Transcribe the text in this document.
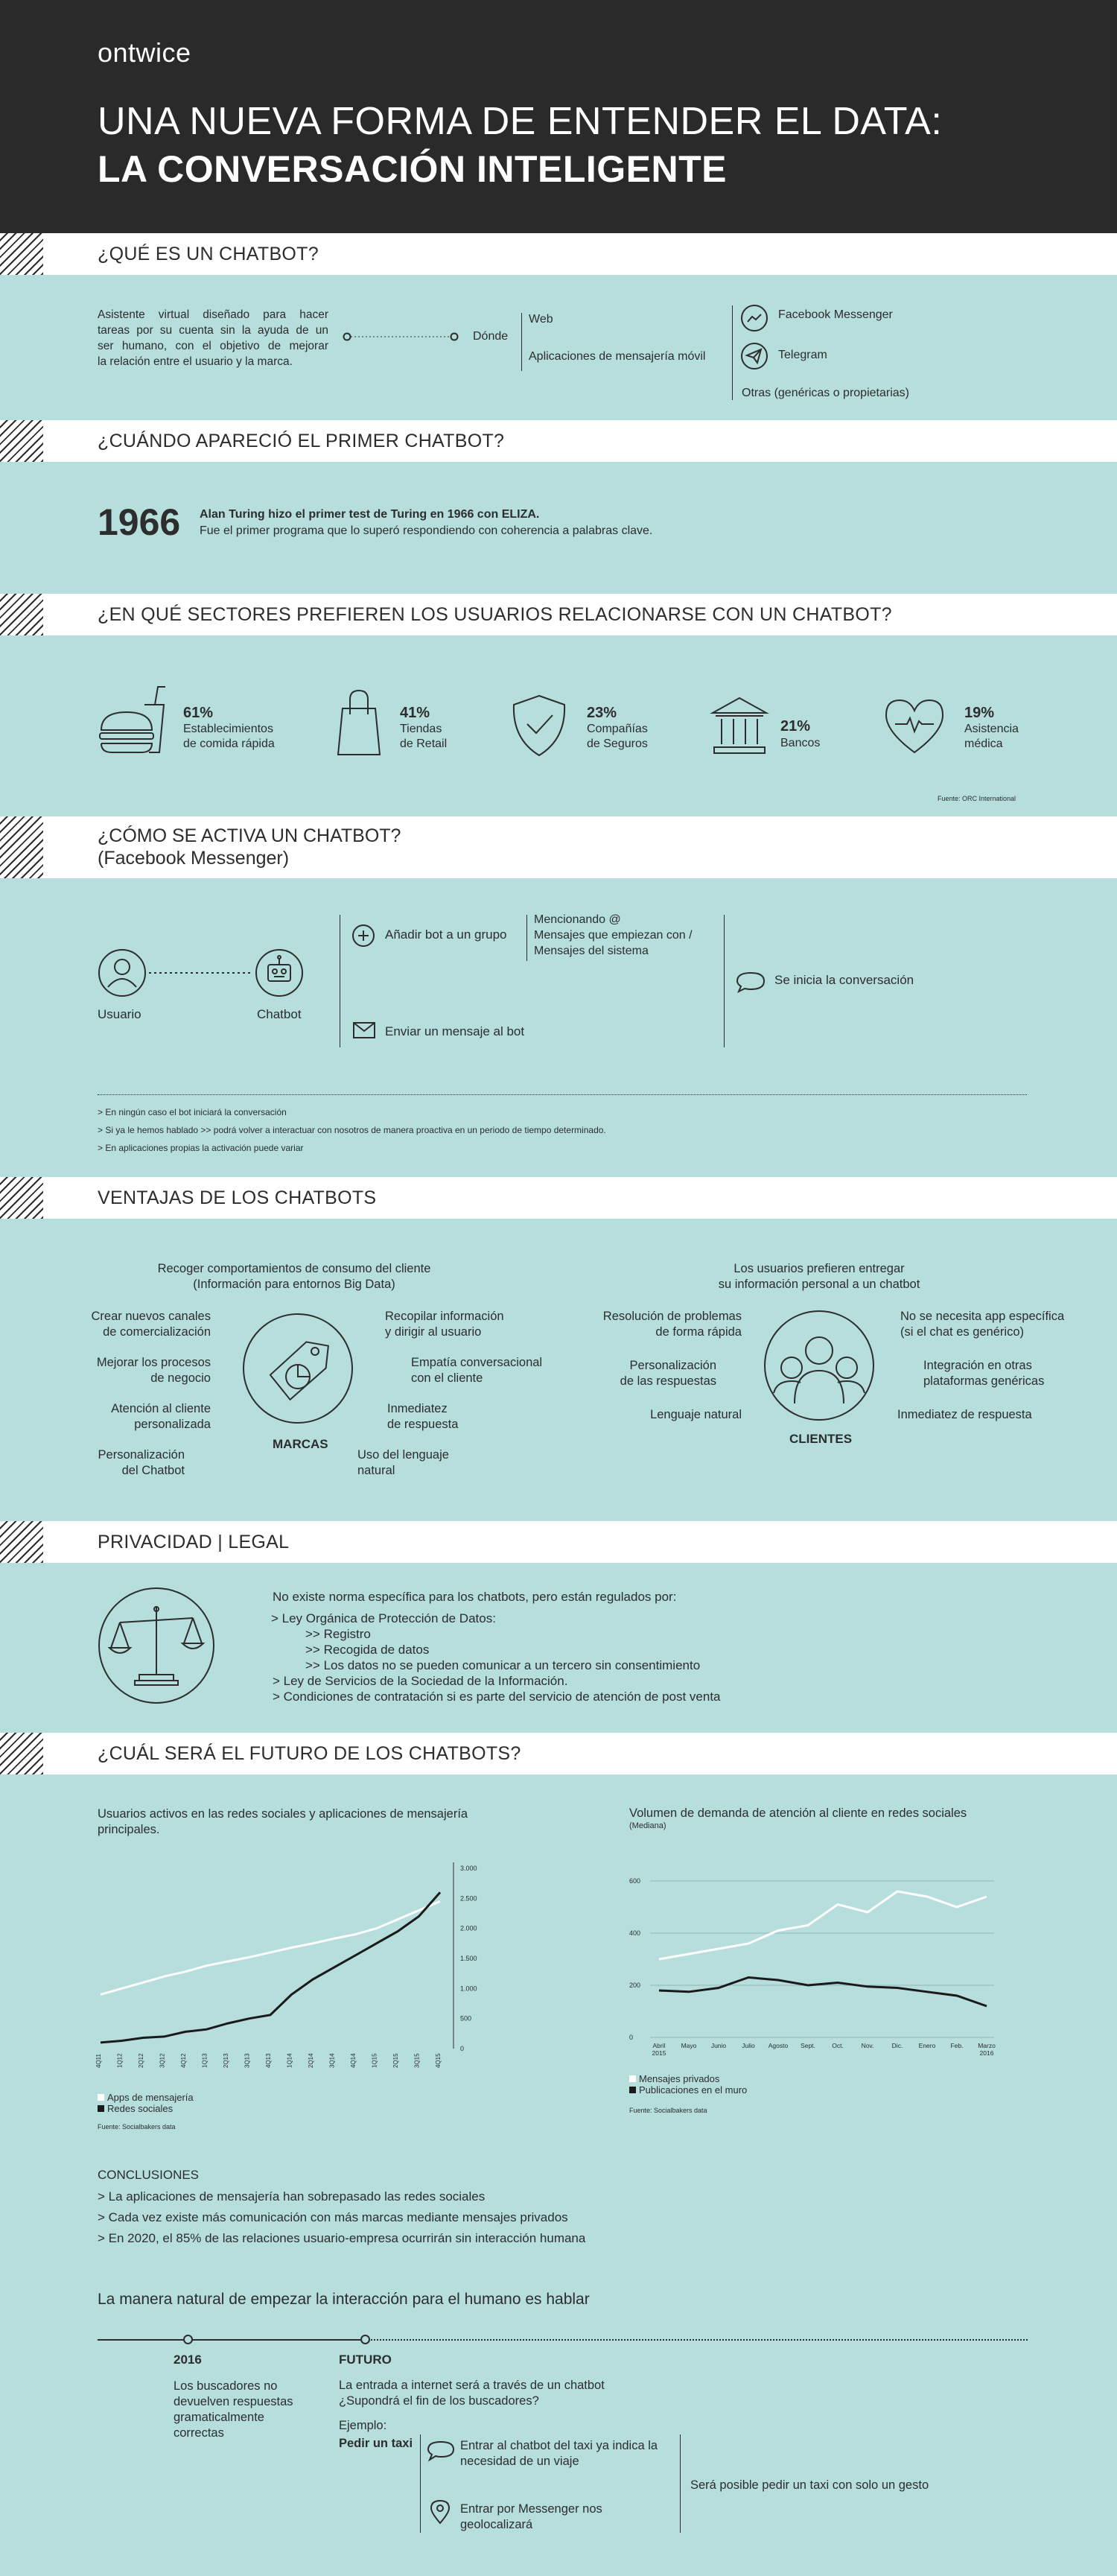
ontwice
UNA NUEVA FORMA DE ENTENDER EL DATA:
LA CONVERSACIÓN INTELIGENTE
¿QUÉ ES UN CHATBOT?
Asistente virtual diseñado para hacer
tareas por su cuenta sin la ayuda de un
ser humano, con el objetivo de mejorar
la relación entre el usuario y la marca.
Dónde
Web
Aplicaciones de mensajería móvil
Facebook Messenger
Telegram
Otras (genéricas o propietarias)
¿CUÁNDO APARECIÓ EL PRIMER CHATBOT?
1966 Alan Turing hizo el primer test de Turing en 1966 con ELIZA.
Fue el primer programa que lo superó respondiendo con coherencia a palabras clave.
¿EN QUÉ SECTORES PREFIEREN LOS USUARIOS RELACIONARSE CON UN CHATBOT?
61%
Establecimientos
de comida rápida
41%
Tiendas
de Retail
23%
Compañías
de Seguros
21%
Bancos
19%
Asistencia
médica
Fuente: ORC International
¿CÓMO SE ACTIVA UN CHATBOT?
(Facebook Messenger)
Usuario	Chatbot
Añadir bot a un grupo
Mencionando @
Mensajes que empiezan con /
Mensajes del sistema
Enviar un mensaje al bot
Se inicia la conversación
> En ningún caso el bot iniciará la conversación
> Si ya le hemos hablado >> podrá volver a interactuar con nosotros de manera proactiva en un periodo de tiempo determinado.
> En aplicaciones propias la activación puede variar
VENTAJAS DE LOS CHATBOTS
Recoger comportamientos de consumo del cliente
(Información para entornos Big Data)
Crear nuevos canales
de comercialización
Mejorar los procesos
de negocio
Atención al cliente
personalizada
Personalización
del Chatbot
MARCAS
Recopilar información
y dirigir al usuario
Empatía conversacional
con el cliente
Inmediatez
de respuesta
Uso del lenguaje
natural
Los usuarios prefieren entregar
su información personal a un chatbot
Resolución de problemas
de forma rápida
Personalización
de las respuestas
Lenguaje natural
CLIENTES
No se necesita app específica
(si el chat es genérico)
Integración en otras
plataformas genéricas
Inmediatez de respuesta
PRIVACIDAD | LEGAL
No existe norma específica para los chatbots, pero están regulados por:
> Ley Orgánica de Protección de Datos:
>> Registro
>> Recogida de datos
>> Los datos no se pueden comunicar a un tercero sin consentimiento
> Ley de Servicios de la Sociedad de la Información.
> Condiciones de contratación si es parte del servicio de atención de post venta
¿CUÁL SERÁ EL FUTURO DE LOS CHATBOTS?
Usuarios activos en las redes sociales y aplicaciones de mensajería principales.
0
500
1.000
1.500
2.000
2.500
3.000
4Q11 1Q12 2Q12 3Q12 4Q12 1Q13 2Q13 3Q13 4Q13 1Q14 2Q14 3Q14 4Q14 1Q15 2Q15 3Q15 4Q15
Apps de mensajería
Redes sociales
Fuente: Socialbakers data
Volumen de demanda de atención al cliente en redes sociales
(Mediana)
0
200
400
600
Abril
2015
Mayo Junio Julio Agosto Sept.	Oct.	Nov.	Dic.	Enero Feb. Marzo
2016
Mensajes privados
Publicaciones en el muro
Fuente: Socialbakers data
CONCLUSIONES
> La aplicaciones de mensajería han sobrepasado las redes sociales
> Cada vez existe más comunicación con más marcas mediante mensajes privados
> En 2020, el 85% de las relaciones usuario-empresa ocurrirán sin interacción humana
La manera natural de empezar la interacción para el humano es hablar
2016
Los buscadores no
devuelven respuestas
gramaticalmente
correctas
FUTURO
La entrada a internet será a través de un chatbot
¿Supondrá el fin de los buscadores?
Ejemplo:
Pedir un taxi	Entrar al chatbot del taxi ya indica la
necesidad de un viaje
Entrar por Messenger nos
geolocalizará
Será posible pedir un taxi con solo un gesto
